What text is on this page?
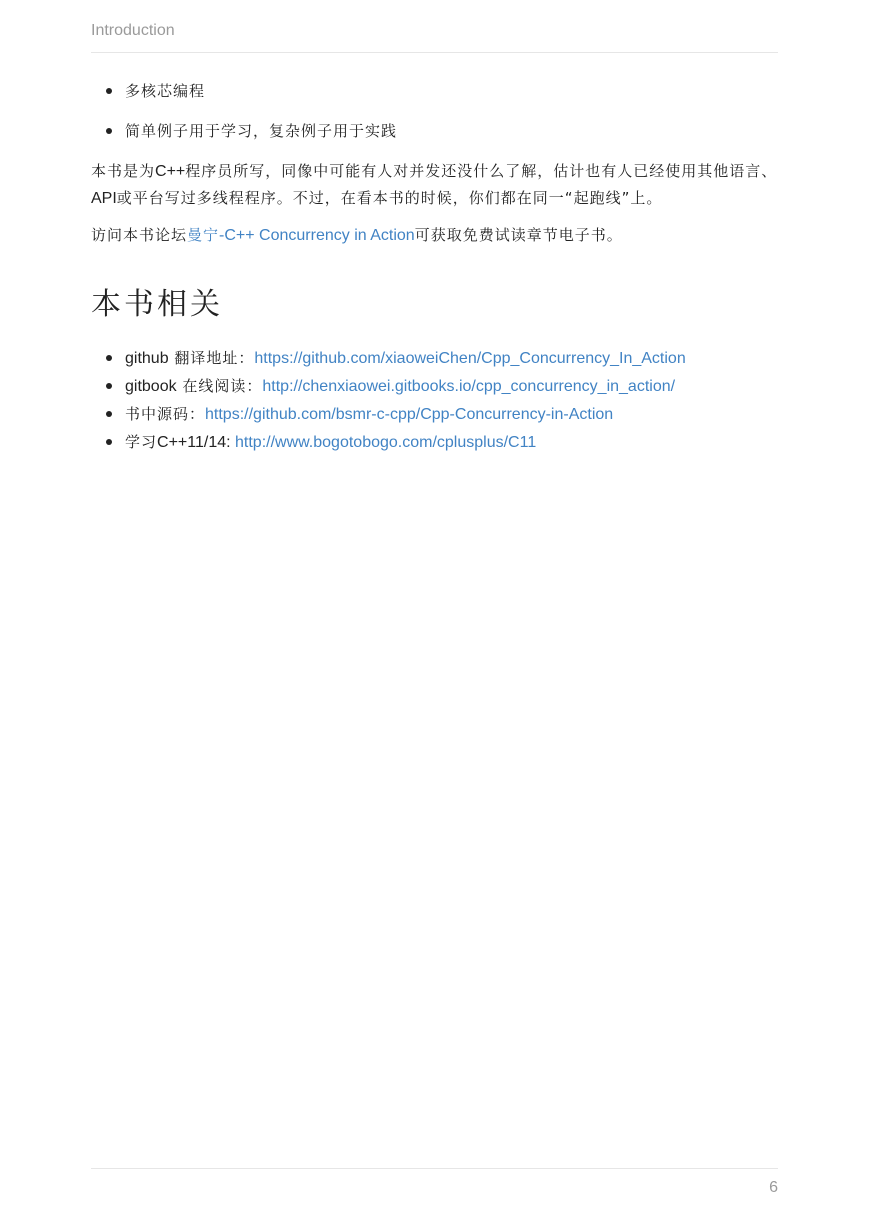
Introduction
多核芯编程
简单例子用于学习，复杂例子用于实践

本书是为C++程序员所写，同像中可能有人对并发还没什么了解，估计也有人已经使用其他语言、API或平台写过多线程程序。不过，在看本书的时候，你们都在同一“起跑线”上。

访问本书论坛曼宁-C++ Concurrency in Action可获取免费试读章节电子书。

本书相关
github 翻译地址：https://github.com/xiaoweiChen/Cpp_Concurrency_In_Action
gitbook 在线阅读：http://chenxiaowei.gitbooks.io/cpp_concurrency_in_action/
书中源码：https://github.com/bsmr-c-cpp/Cpp-Concurrency-in-Action
学习C++11/14: http://www.bogotobogo.com/cplusplus/C11
6
